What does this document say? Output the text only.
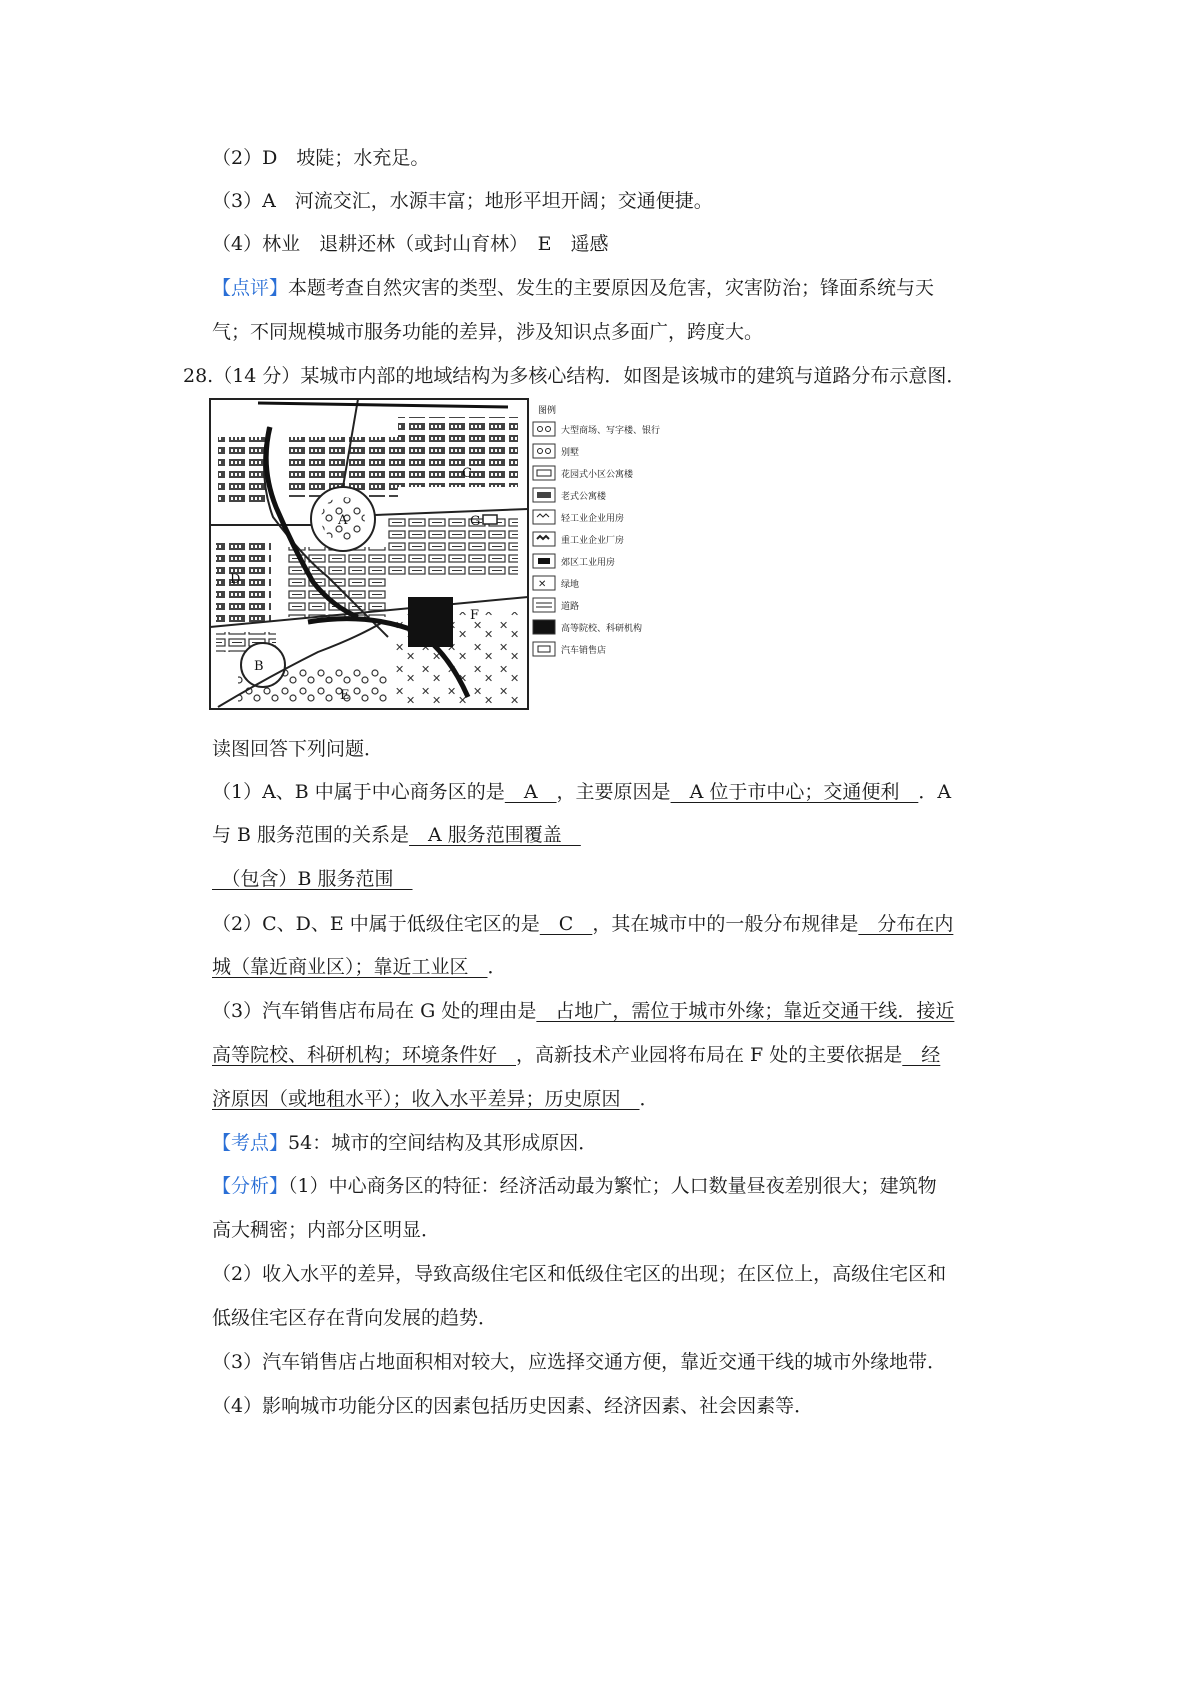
（2）D　坡陡；水充足。
（3）A　河流交汇，水源丰富；地形平坦开阔；交通便捷。
（4）林业　退耕还林（或封山育林）　E　遥感
【点评】本题考查自然灾害的类型、发生的主要原因及危害，灾害防治；锋面系统与天
气；不同规模城市服务功能的差异，涉及知识点多面广，跨度大。
28.（14 分）某城市内部的地域结构为多核心结构．如图是该城市的建筑与道路分布示意图．
A
B
C
D
E
F
G
图例
大型商场、写字楼、银行
别墅
花园式小区公寓楼
老式公寓楼
轻工业企业用房
重工业企业厂房
郊区工业用房
✕ 绿地
道路
高等院校、科研机构
汽车销售店
读图回答下列问题．
（1）A、B 中属于中心商务区的是　A　，主要原因是　A 位于市中心；交通便利　．A
与 B 服务范围的关系是　A 服务范围覆盖　
　（包含）B 服务范围　
（2）C、D、E 中属于低级住宅区的是　C　，其在城市中的一般分布规律是　分布在内
城（靠近商业区）；靠近工业区　．
（3）汽车销售店布局在 G 处的理由是　占地广，需位于城市外缘；靠近交通干线．接近
高等院校、科研机构；环境条件好　，高新技术产业园将布局在 F 处的主要依据是　经
济原因（或地租水平）；收入水平差异；历史原因　．
【考点】54：城市的空间结构及其形成原因．
【分析】（1）中心商务区的特征：经济活动最为繁忙；人口数量昼夜差别很大；建筑物
高大稠密；内部分区明显．
（2）收入水平的差异，导致高级住宅区和低级住宅区的出现；在区位上，高级住宅区和
低级住宅区存在背向发展的趋势．
（3）汽车销售店占地面积相对较大，应选择交通方便，靠近交通干线的城市外缘地带．
（4）影响城市功能分区的因素包括历史因素、经济因素、社会因素等．
